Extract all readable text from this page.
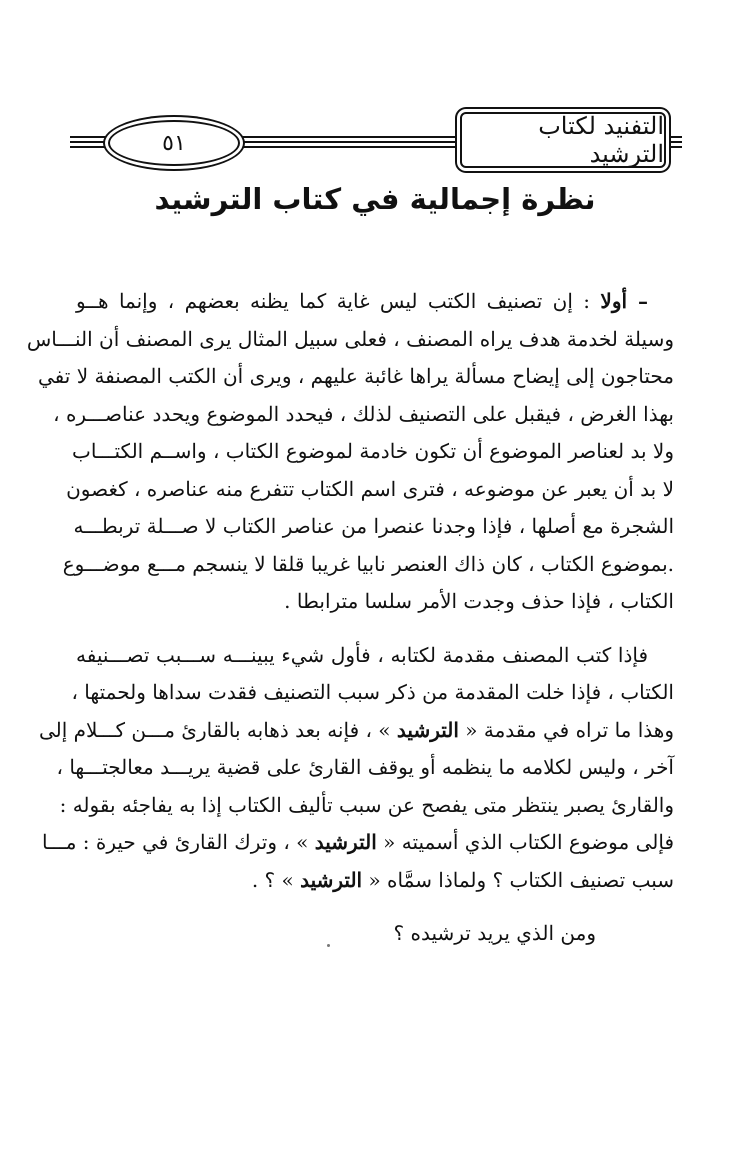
٥١
التفنيد لكتاب الترشيد
نظرة إجمالية في كتاب الترشيد

– أولا : إن تصنيف الكتب ليس غاية كما يظنه بعضهم ، وإنما هــو
وسيلة لخدمة هدف يراه المصنف ، فعلى سبيل المثال يرى المصنف أن النـــاس
محتاجون إلى إيضاح مسألة يراها غائبة عليهم ، ويرى أن الكتب المصنفة لا تفي
بهذا الغرض ، فيقبل على التصنيف لذلك ، فيحدد الموضوع ويحدد عناصـــره ،
ولا بد لعناصر الموضوع أن تكون خادمة لموضوع الكتاب ، واســم الكتـــاب
لا بد أن يعبر عن موضوعه ، فترى اسم الكتاب تتفرع منه عناصره ، كغصون
الشجرة مع أصلها ، فإذا وجدنا عنصرا من عناصر الكتاب لا صـــلة تربطـــه
.بموضوع الكتاب ، كان ذاك العنصر نابيا غريبا قلقا لا ينسجم مـــع موضـــوع
الكتاب ، فإذا حذف وجدت الأمر سلسا مترابطا .

فإذا كتب المصنف مقدمة لكتابه ، فأول شيء يبينـــه ســـبب تصـــنيفه
الكتاب ، فإذا خلت المقدمة من ذكر سبب التصنيف فقدت سداها ولحمتها ،
وهذا ما تراه في مقدمة « الترشيد » ، فإنه بعد ذهابه بالقارئ مـــن كـــلام إلى
آخر ، وليس لكلامه ما ينظمه أو يوقف القارئ على قضية يريـــد معالجتـــها ،
والقارئ يصبر ينتظر متى يفصح عن سبب تأليف الكتاب إذا به يفاجئه بقوله :
فإلى موضوع الكتاب الذي أسميته « الترشيد » ، وترك القارئ في حيرة : مـــا
سبب تصنيف الكتاب ؟ ولماذا سمَّاه « الترشيد » ؟ .

ومن الذي يريد ترشيده ؟
